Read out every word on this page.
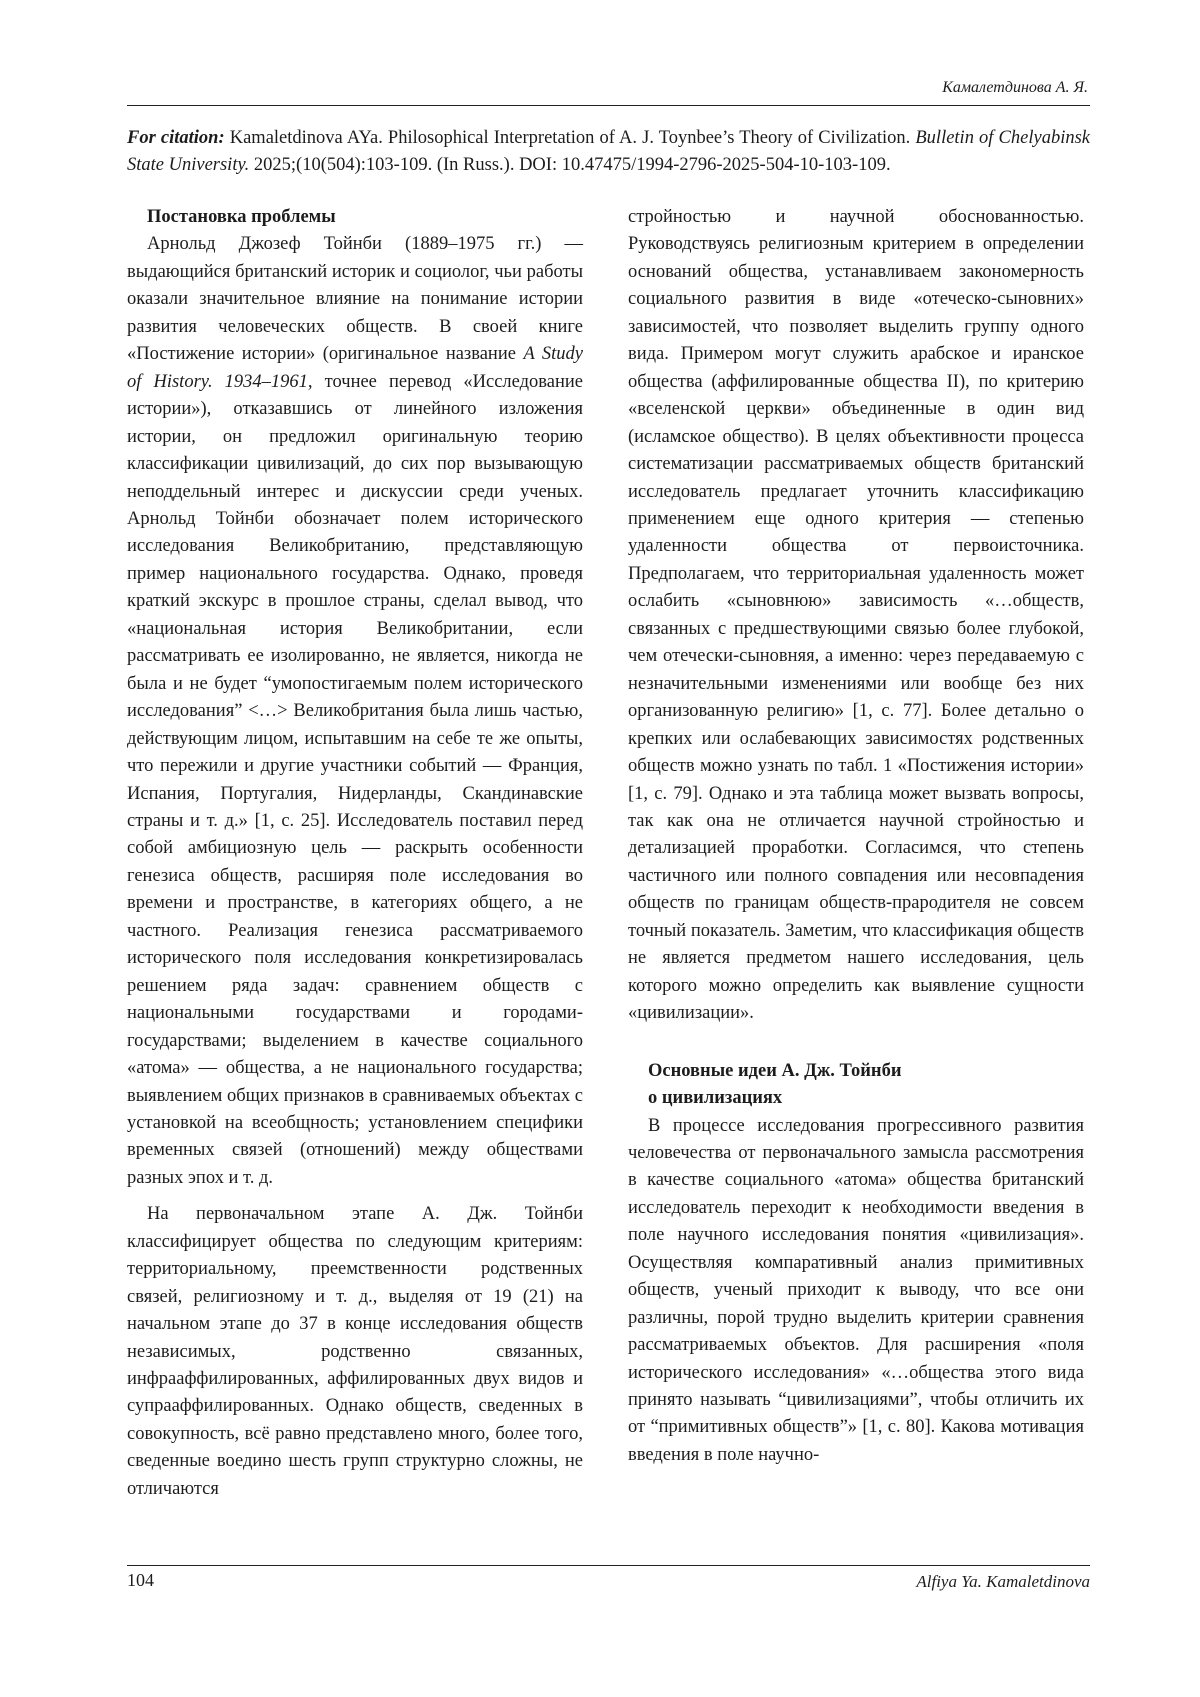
Камалетдинова А. Я.
For citation: Kamaletdinova AYa. Philosophical Interpretation of A. J. Toynbee’s Theory of Civilization. Bulletin of Chelyabinsk State University. 2025;(10(504):103-109. (In Russ.). DOI: 10.47475/1994-2796-2025-504-10-103-109.
Постановка проблемы

Арнольд Джозеф Тойнби (1889–1975 гг.) — выдающийся британский историк и социолог, чьи работы оказали значительное влияние на понимание истории развития человеческих обществ. В своей книге «Постижение истории» (оригинальное название A Study of History. 1934–1961, точнее перевод «Исследование истории»), отказавшись от линейного изложения истории, он предложил оригинальную теорию классификации цивилизаций, до сих пор вызывающую неподдельный интерес и дискуссии среди ученых. Арнольд Тойнби обозначает полем исторического исследования Великобританию, представляющую пример национального государства. Однако, проведя краткий экскурс в прошлое страны, сделал вывод, что «национальная история Великобритании, если рассматривать ее изолированно, не является, никогда не была и не будет “умопостигаемым полем исторического исследования” <…> Великобритания была лишь частью, действующим лицом, испытавшим на себе те же опыты, что пережили и другие участники событий — Франция, Испания, Португалия, Нидерланды, Скандинавские страны и т. д.» [1, с. 25]. Исследователь поставил перед собой амбициозную цель — раскрыть особенности генезиса обществ, расширяя поле исследования во времени и пространстве, в категориях общего, а не частного. Реализация генезиса рассматриваемого исторического поля исследования конкретизировалась решением ряда задач: сравнением обществ с национальными государствами и городами-государствами; выделением в качестве социального «атома» — общества, а не национального государства; выявлением общих признаков в сравниваемых объектах с установкой на всеобщность; установлением специфики временных связей (отношений) между обществами разных эпох и т. д.

На первоначальном этапе А. Дж. Тойнби классифицирует общества по следующим критериям: территориальному, преемственности родственных связей, религиозному и т. д., выделяя от 19 (21) на начальном этапе до 37 в конце исследования обществ независимых, родственно связанных, инфрааффилированных, аффилированных двух видов и супрааффилированных. Однако обществ, сведенных в совокупность, всё равно представлено много, более того, сведенные воедино шесть групп структурно сложны, не отличаются

стройностью и научной обоснованностью. Руководствуясь религиозным критерием в определении оснований общества, устанавливаем закономерность социального развития в виде «отеческо-сыновних» зависимостей, что позволяет выделить группу одного вида. Примером могут служить арабское и иранское общества (аффилированные общества II), по критерию «вселенской церкви» объединенные в один вид (исламское общество). В целях объективности процесса систематизации рассматриваемых обществ британский исследователь предлагает уточнить классификацию применением еще одного критерия — степенью удаленности общества от первоисточника. Предполагаем, что территориальная удаленность может ослабить «сыновнюю» зависимость «…обществ, связанных с предшествующими связью более глубокой, чем отечески-сыновняя, а именно: через передаваемую с незначительными изменениями или вообще без них организованную религию» [1, с. 77]. Более детально о крепких или ослабевающих зависимостях родственных обществ можно узнать по табл. 1 «Постижения истории» [1, с. 79]. Однако и эта таблица может вызвать вопросы, так как она не отличается научной стройностью и детализацией проработки. Согласимся, что степень частичного или полного совпадения или несовпадения обществ по границам обществ-прародителя не совсем точный показатель. Заметим, что классификация обществ не является предметом нашего исследования, цель которого можно определить как выявление сущности «цивилизации».

Основные идеи А. Дж. Тойнби
о цивилизациях

В процессе исследования прогрессивного развития человечества от первоначального замысла рассмотрения в качестве социального «атома» общества британский исследователь переходит к необходимости введения в поле научного исследования понятия «цивилизация». Осуществляя компаративный анализ примитивных обществ, ученый приходит к выводу, что все они различны, порой трудно выделить критерии сравнения рассматриваемых объектов. Для расширения «поля исторического исследования» «…общества этого вида принято называть “цивилизациями”, чтобы отличить их от “примитивных обществ”» [1, с. 80]. Какова мотивация введения в поле научно-

104	Alfiya Ya. Kamaletdinova
